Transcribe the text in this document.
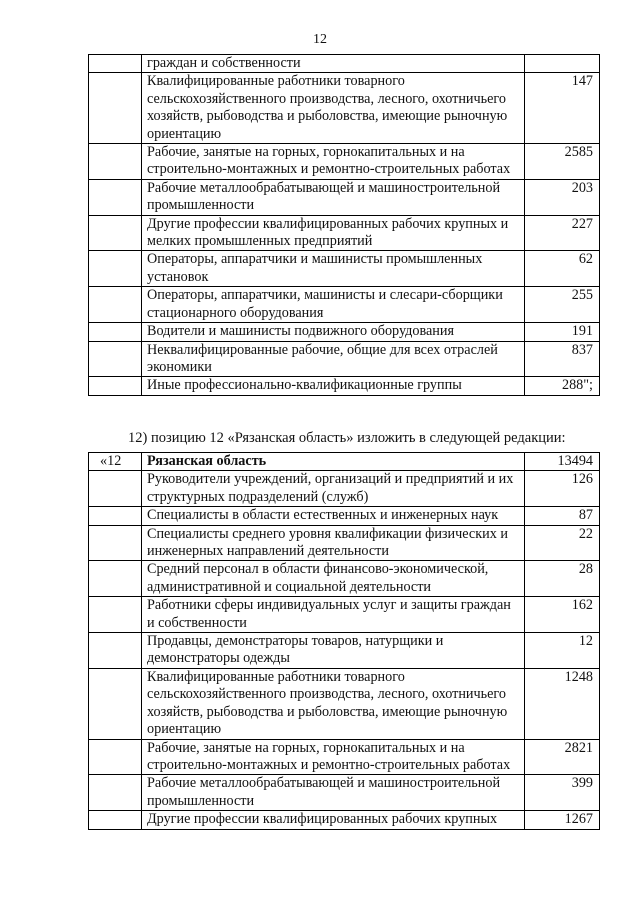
12
	граждан и собственности	
	Квалифицированные работники товарного сельскохозяйственного производства, лесного, охотничьего хозяйств, рыбоводства и рыболовства, имеющие рыночную ориентацию	147
	Рабочие, занятые на горных, горнокапитальных и на строительно-монтажных и ремонтно-строительных работах	2585
	Рабочие металлообрабатывающей и машиностроительной промышленности	203
	Другие профессии квалифицированных рабочих крупных и мелких промышленных предприятий	227
	Операторы, аппаратчики и машинисты промышленных установок	62
	Операторы, аппаратчики, машинисты и слесари-сборщики стационарного оборудования	255
	Водители и машинисты подвижного оборудования	191
	Неквалифицированные рабочие, общие для всех отраслей экономики	837
	Иные профессионально-квалификационные группы	288";
12) позицию 12 «Рязанская область» изложить в следующей редакции:
«12	Рязанская область	13494
	Руководители учреждений, организаций и предприятий и их структурных подразделений (служб)	126
	Специалисты в области естественных и инженерных наук	87
	Специалисты среднего уровня квалификации физических и инженерных направлений деятельности	22
	Средний персонал в области финансово-экономической, административной и социальной деятельности	28
	Работники сферы индивидуальных услуг и защиты граждан и собственности	162
	Продавцы, демонстраторы товаров, натурщики и демонстраторы одежды	12
	Квалифицированные работники товарного сельскохозяйственного производства, лесного, охотничьего хозяйств, рыбоводства и рыболовства, имеющие рыночную ориентацию	1248
	Рабочие, занятые на горных, горнокапитальных и на строительно-монтажных и ремонтно-строительных работах	2821
	Рабочие металлообрабатывающей и машиностроительной промышленности	399
	Другие профессии квалифицированных рабочих крупных	1267
